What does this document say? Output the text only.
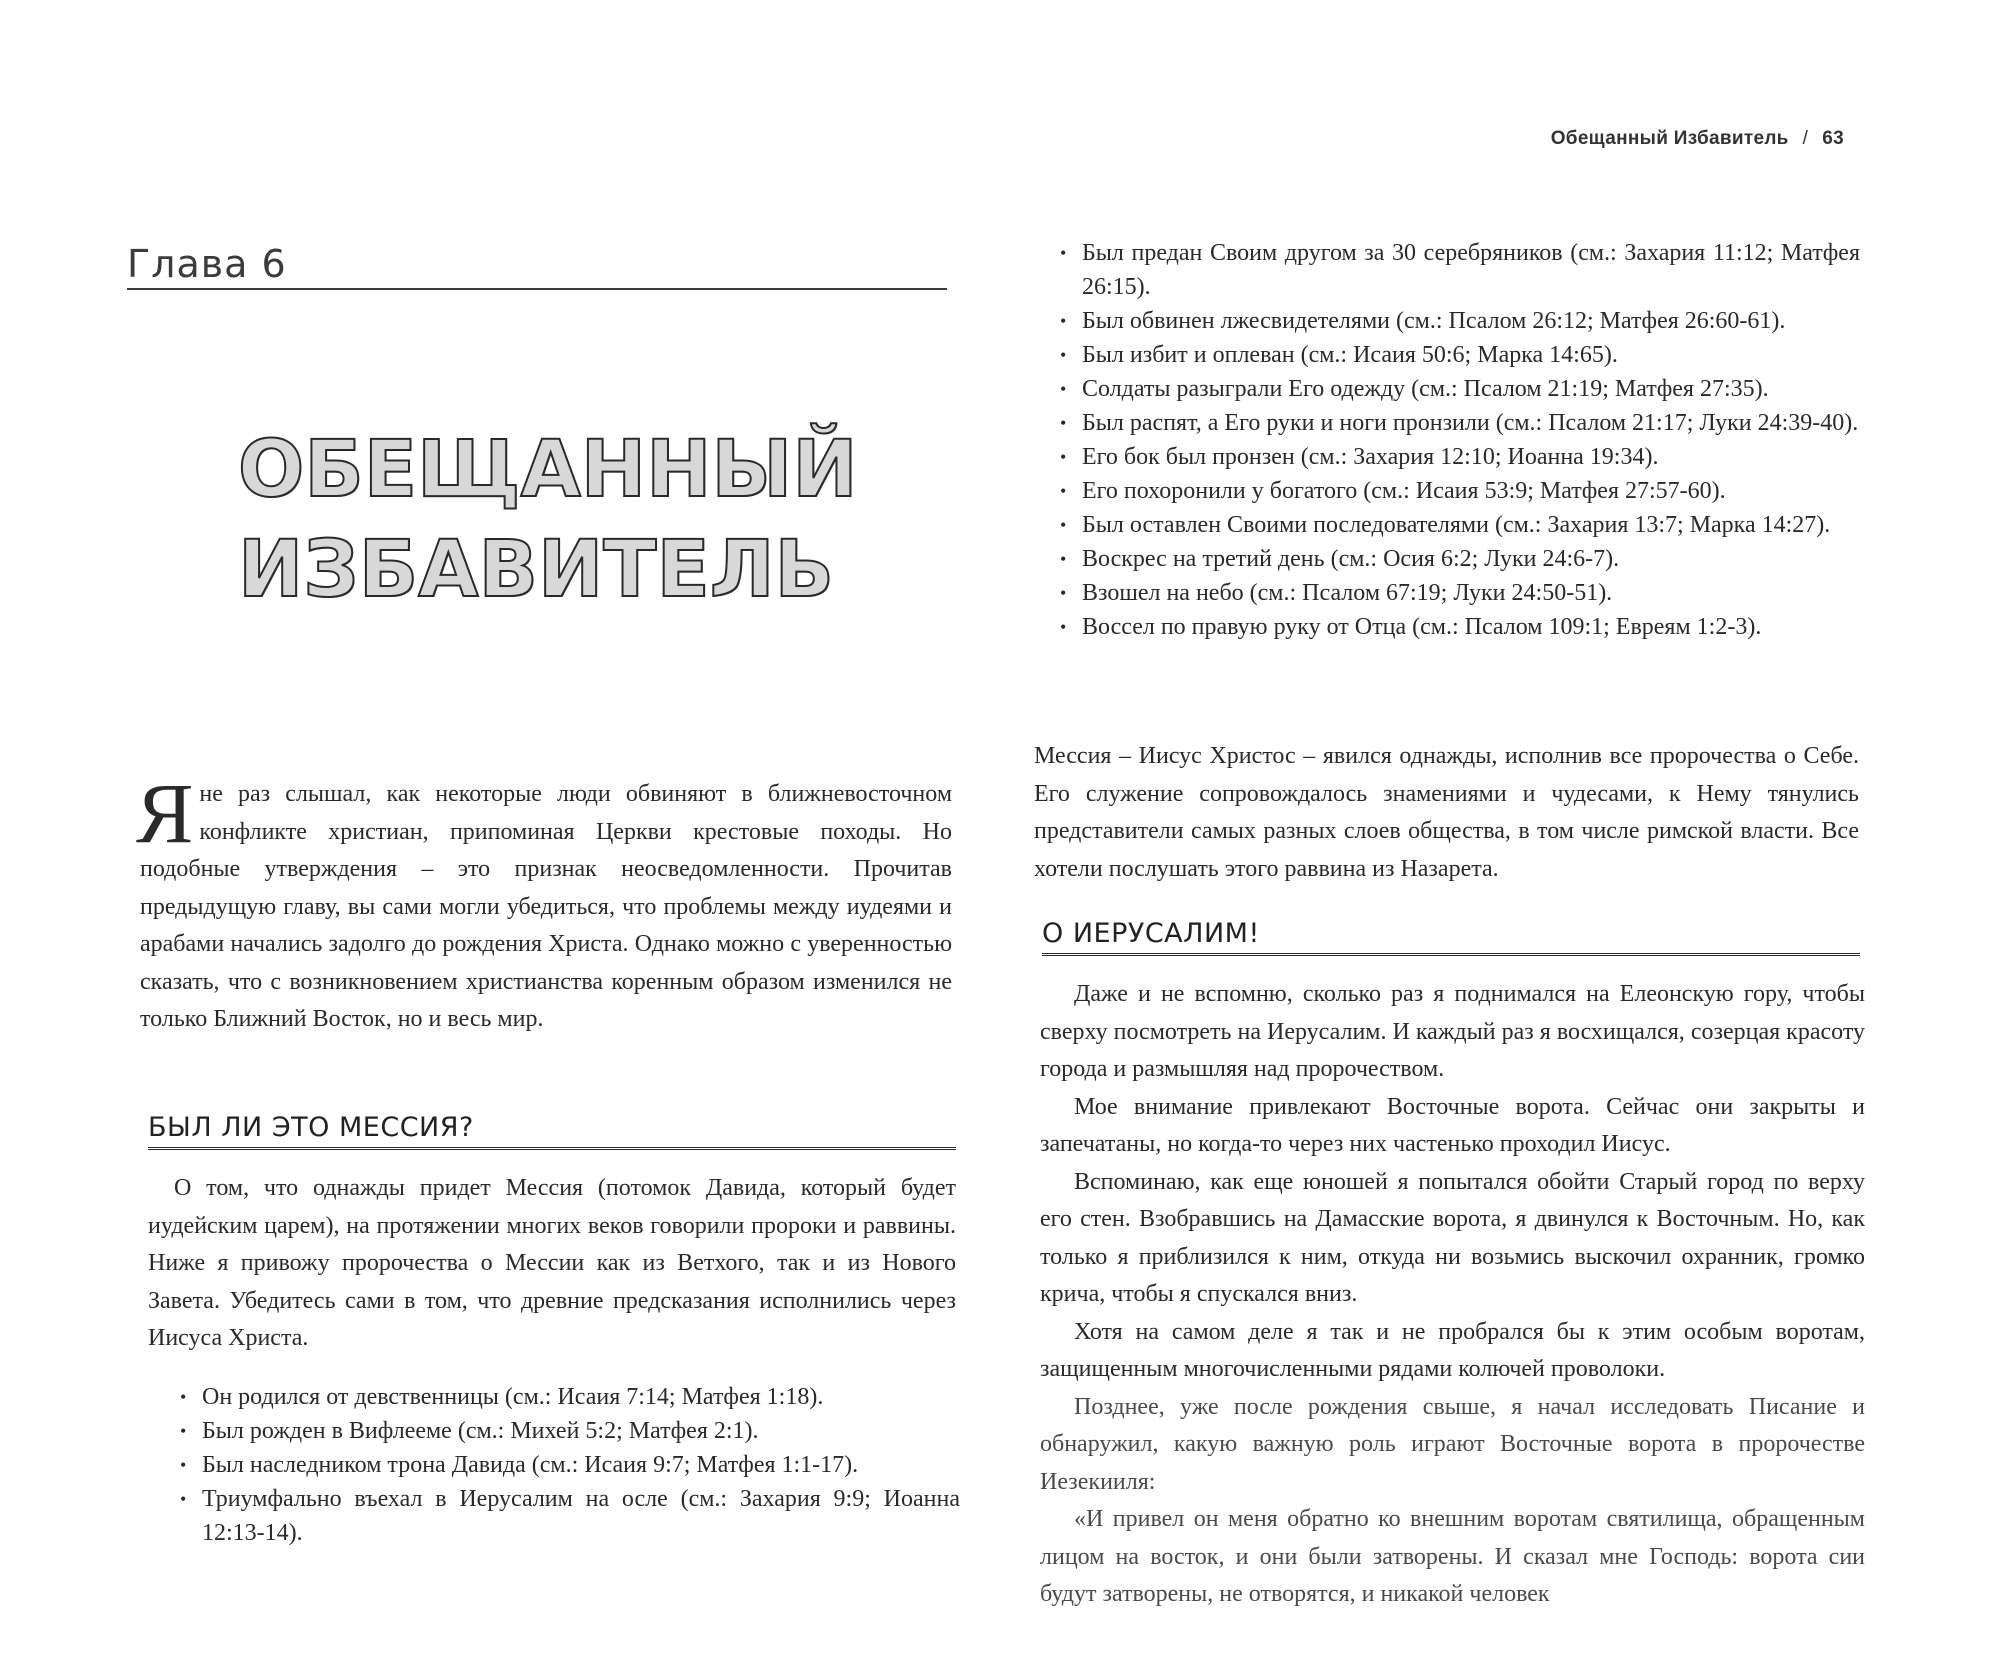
Глава 6
ОБЕЩАННЫЙ
ИЗБАВИТЕЛЬ
Яне раз слышал, как некоторые люди обвиняют в ближневосточном конфликте христиан, припоминая Церкви крестовые походы. Но подобные утверждения – это признак неосведомленности. Прочитав предыдущую главу, вы сами могли убедиться, что проблемы между иудеями и арабами начались задолго до рождения Христа. Однако можно с уверенностью сказать, что с возникновением христианства коренным образом изменился не только Ближний Восток, но и весь мир.
БЫЛ ЛИ ЭТО МЕССИЯ?
О том, что однажды придет Мессия (потомок Давида, который будет иудейским царем), на протяжении многих веков говорили пророки и раввины. Ниже я привожу пророчества о Мессии как из Ветхого, так и из Нового Завета. Убедитесь сами в том, что древние предсказания исполнились через Иисуса Христа.
• Он родился от девственницы (см.: Исаия 7:14; Матфея 1:18).
• Был рожден в Вифлееме (см.: Михей 5:2; Матфея 2:1).
• Был наследником трона Давида (см.: Исаия 9:7; Матфея 1:1-17).
• Триумфально въехал в Иерусалим на осле (см.: Захария 9:9; Иоанна 12:13-14).
Обещанный Избавитель / 63
• Был предан Своим другом за 30 серебряников (см.: Захария 11:12; Матфея 26:15).
• Был обвинен лжесвидетелями (см.: Псалом 26:12; Матфея 26:60-61).
• Был избит и оплеван (см.: Исаия 50:6; Марка 14:65).
• Солдаты разыграли Его одежду (см.: Псалом 21:19; Матфея 27:35).
• Был распят, а Его руки и ноги пронзили (см.: Псалом 21:17; Луки 24:39-40).
• Его бок был пронзен (см.: Захария 12:10; Иоанна 19:34).
• Его похоронили у богатого (см.: Исаия 53:9; Матфея 27:57-60).
• Был оставлен Своими последователями (см.: Захария 13:7; Марка 14:27).
• Воскрес на третий день (см.: Осия 6:2; Луки 24:6-7).
• Взошел на небо (см.: Псалом 67:19; Луки 24:50-51).
• Воссел по правую руку от Отца (см.: Псалом 109:1; Евреям 1:2-3).
Мессия – Иисус Христос – явился однажды, исполнив все пророчества о Себе. Его служение сопровождалось знамениями и чудесами, к Нему тянулись представители самых разных слоев общества, в том числе римской власти. Все хотели послушать этого раввина из Назарета.
О ИЕРУСАЛИМ!

Даже и не вспомню, сколько раз я поднимался на Елеонскую гору, чтобы сверху посмотреть на Иерусалим. И каждый раз я восхищался, созерцая красоту города и размышляя над пророчеством.

Мое внимание привлекают Восточные ворота. Сейчас они закрыты и запечатаны, но когда-то через них частенько проходил Иисус.

Вспоминаю, как еще юношей я попытался обойти Старый город по верху его стен. Взобравшись на Дамасские ворота, я двинулся к Восточным. Но, как только я приблизился к ним, откуда ни возьмись выскочил охранник, громко крича, чтобы я спускался вниз.

Хотя на самом деле я так и не пробрался бы к этим особым воротам, защищенным многочисленными рядами колючей проволоки.

Позднее, уже после рождения свыше, я начал исследовать Писание и обнаружил, какую важную роль играют Восточные ворота в пророчестве Иезекииля:

«И привел он меня обратно ко внешним воротам святилища, обращенным лицом на восток, и они были затворены. И сказал мне Господь: ворота сии будут затворены, не отворятся, и никакой человек
